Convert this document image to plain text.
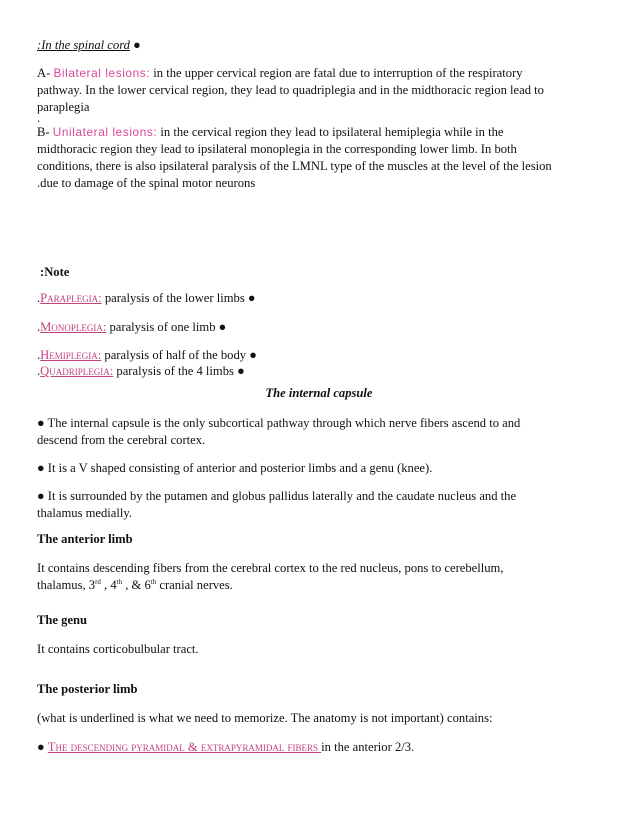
:In the spinal cord ●
A- Bilateral lesions: in the upper cervical region are fatal due to interruption of the respiratory
pathway. In the lower cervical region, they lead to quadriplegia and in the midthoracic region lead to
paraplegia
.
B- Unilateral lesions: in the cervical region they lead to ipsilateral hemiplegia while in the
midthoracic region they lead to ipsilateral monoplegia in the corresponding lower limb. In both
conditions, there is also ipsilateral paralysis of the LMNL type of the muscles at the level of the lesion
.due to damage of the spinal motor neurons
:Note
.Paraplegia: paralysis of the lower limbs ●
.Monoplegia: paralysis of one limb ●
.Hemiplegia: paralysis of half of the body ●
.Quadriplegia: paralysis of the 4 limbs ●
The internal capsule
● The internal capsule is the only subcortical pathway through which nerve fibers ascend to and
descend from the cerebral cortex.
● It is a V shaped consisting of anterior and posterior limbs and a genu (knee).
● It is surrounded by the putamen and globus pallidus laterally and the caudate nucleus and the
thalamus medially.
The anterior limb
It contains descending fibers from the cerebral cortex to the red nucleus, pons to cerebellum,
thalamus, 3rd , 4th , & 6th cranial nerves.
The genu
It contains corticobulbular tract.
The posterior limb
(what is underlined is what we need to memorize. The anatomy is not important) contains:
● The descending pyramidal & extrapyramidal fibers in the anterior 2/3.
